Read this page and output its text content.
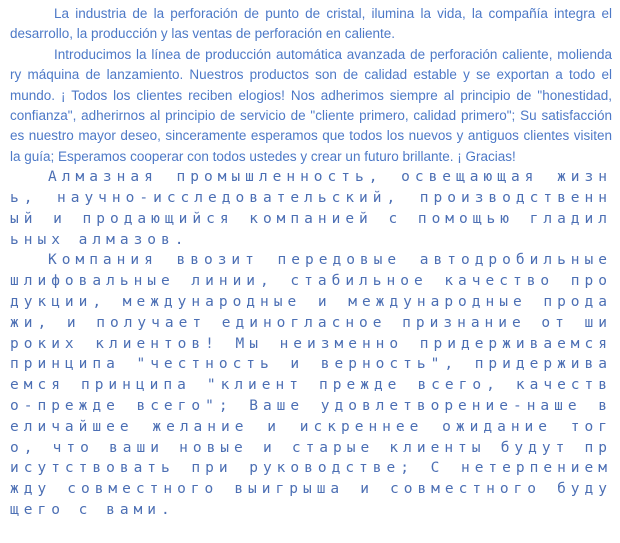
La industria de la perforación de punto de cristal, ilumina la vida, la compañía integra el desarrollo, la producción y las ventas de perforación en caliente.

Introducimos la línea de producción automática avanzada de perforación caliente, molienda ry máquina de lanzamiento. Nuestros productos son de calidad estable y se exportan a todo el mundo. ¡ Todos los clientes reciben elogios! Nos adherimos siempre al principio de "honestidad, confianza", adherirnos al principio de servicio de "cliente primero, calidad primero"; Su satisfacción es nuestro mayor deseo, sinceramente esperamos que todos los nuevos y antiguos clientes visiten la guía; Esperamos cooperar con todos ustedes y crear un futuro brillante. ¡ Gracias!

Алмазная промышленность, освещающая жизнь, научно-исследовательский, производственный и продающийся компанией с помощью гладильных алмазов.

Компания ввозит передовые автодробильные шлифовальные линии, стабильное качество продукции, международные и международные продажи, и получает единогласное признание от широких клиентов! Мы неизменно придерживаемся принципа "честность и верность", придерживаемся принципа "клиент прежде всего, качество-прежде всего"; Ваше удовлетворение-наше величайшее желание и искреннее ожидание того, что ваши новые и старые клиенты будут присутствовать при руководстве; С нетерпением жду совместного выигрыша и совместного будущего с вами.
